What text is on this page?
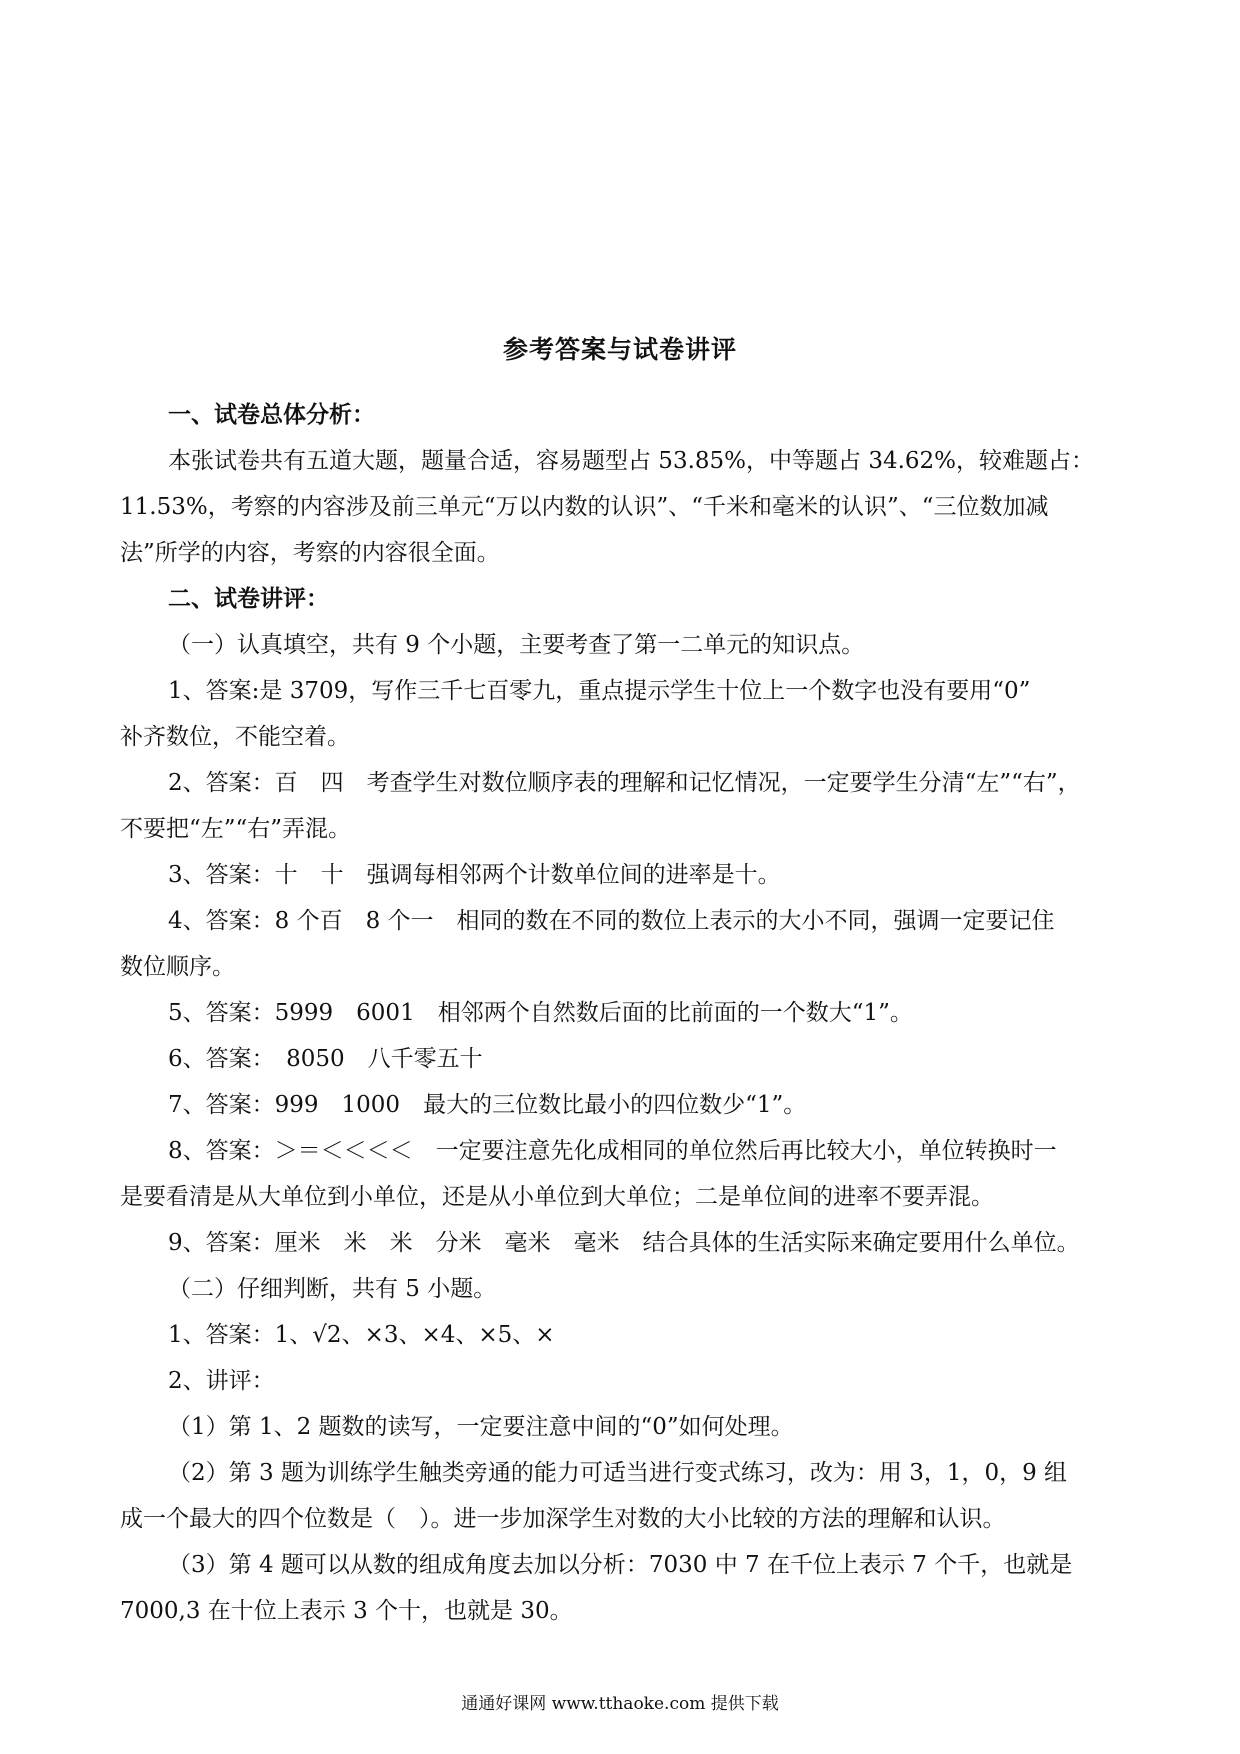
参考答案与试卷讲评

一、试卷总体分析：

本张试卷共有五道大题，题量合适，容易题型占 53.85%，中等题占 34.62%，较难题占：

11.53%，考察的内容涉及前三单元“万以内数的认识”、“千米和毫米的认识”、“三位数加减

法”所学的内容，考察的内容很全面。

二、试卷讲评：

（一）认真填空，共有 9 个小题，主要考查了第一二单元的知识点。

1、答案:是 3709，写作三千七百零九，重点提示学生十位上一个数字也没有要用“0”

补齐数位，不能空着。

2、答案：百　四　考查学生对数位顺序表的理解和记忆情况，一定要学生分清“左”“右”，

不要把“左”“右”弄混。

3、答案：十　十　强调每相邻两个计数单位间的进率是十。

4、答案：8 个百　8 个一　相同的数在不同的数位上表示的大小不同，强调一定要记住

数位顺序。

5、答案：5999　6001　相邻两个自然数后面的比前面的一个数大“1”。

6、答案：　8050　八千零五十

7、答案：999　1000　最大的三位数比最小的四位数少“1”。

8、答案：＞＝＜＜＜＜　一定要注意先化成相同的单位然后再比较大小，单位转换时一

是要看清是从大单位到小单位，还是从小单位到大单位；二是单位间的进率不要弄混。

9、答案：厘米　米　米　分米　毫米　毫米　结合具体的生活实际来确定要用什么单位。

（二）仔细判断，共有 5 小题。

1、答案：1、√2、×3、×4、×5、×

2、讲评：

（1）第 1、2 题数的读写，一定要注意中间的“0”如何处理。

（2）第 3 题为训练学生触类旁通的能力可适当进行变式练习，改为：用 3，1，0，9 组

成一个最大的四个位数是（　）。进一步加深学生对数的大小比较的方法的理解和认识。

（3）第 4 题可以从数的组成角度去加以分析：7030 中 7 在千位上表示 7 个千，也就是

7000,3 在十位上表示 3 个十，也就是 30。

通通好课网 www.tthaoke.com 提供下载
